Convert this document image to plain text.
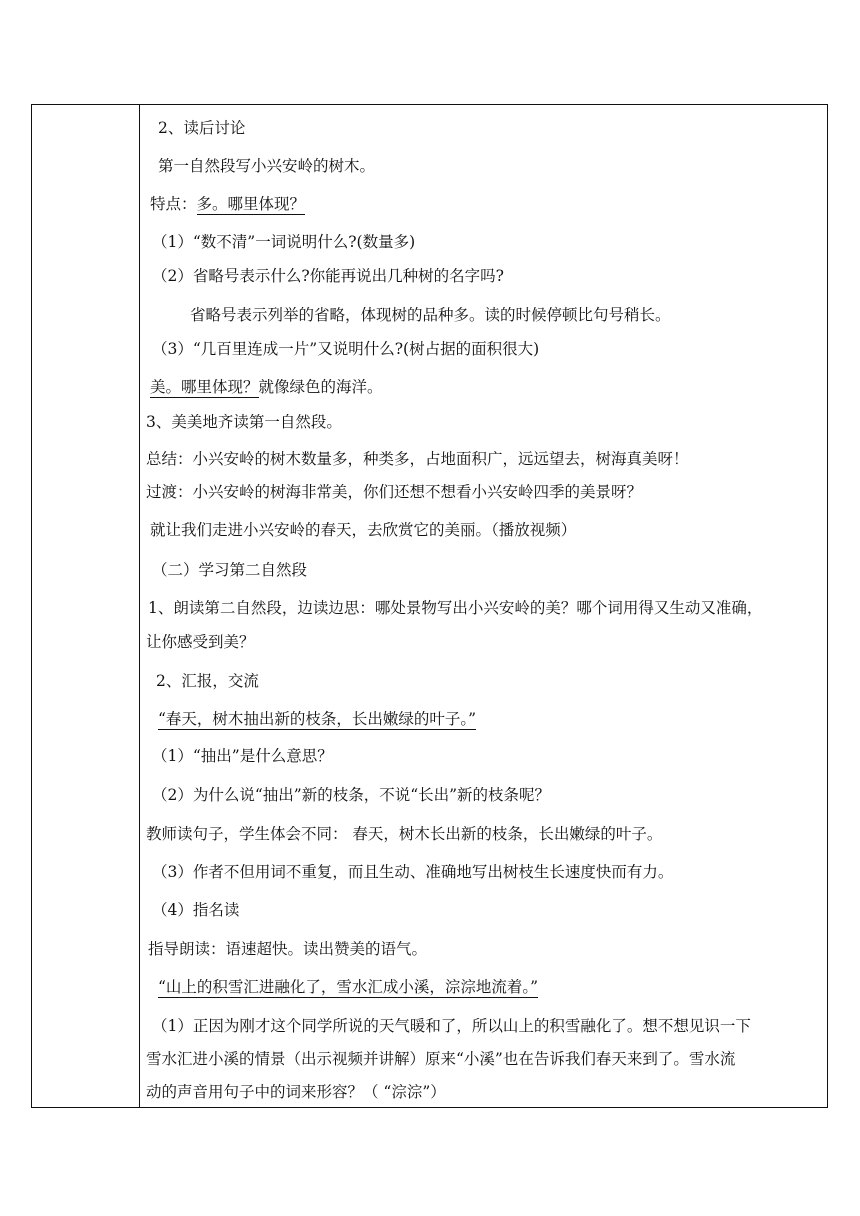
2、读后讨论
第一自然段写小兴安岭的树木。
特点：多。哪里体现？
（1）“数不清”一词说明什么?(数量多)
（2）省略号表示什么?你能再说出几种树的名字吗?
省略号表示列举的省略，体现树的品种多。读的时候停顿比句号稍长。
（3）“几百里连成一片”又说明什么?(树占据的面积很大)
美。哪里体现？就像绿色的海洋。
3、美美地齐读第一自然段。
总结：小兴安岭的树木数量多，种类多，占地面积广，远远望去，树海真美呀！
过渡：小兴安岭的树海非常美，你们还想不想看小兴安岭四季的美景呀？
就让我们走进小兴安岭的春天，去欣赏它的美丽。（播放视频）
（二）学习第二自然段
1、朗读第二自然段，边读边思：哪处景物写出小兴安岭的美？哪个词用得又生动又准确，
让你感受到美？
2、汇报，交流
“春天，树木抽出新的枝条，长出嫩绿的叶子。”
（1）“抽出”是什么意思？
（2）为什么说“抽出”新的枝条，不说“长出”新的枝条呢？
教师读句子，学生体会不同： 春天，树木长出新的枝条，长出嫩绿的叶子。
（3）作者不但用词不重复，而且生动、准确地写出树枝生长速度快而有力。
（4）指名读
指导朗读：语速超快。读出赞美的语气。
“山上的积雪汇进融化了，雪水汇成小溪，淙淙地流着。”
（1）正因为刚才这个同学所说的天气暖和了，所以山上的积雪融化了。想不想见识一下
雪水汇进小溪的情景（出示视频并讲解）原来“小溪”也在告诉我们春天来到了。雪水流
动的声音用句子中的词来形容？（ “淙淙”）
